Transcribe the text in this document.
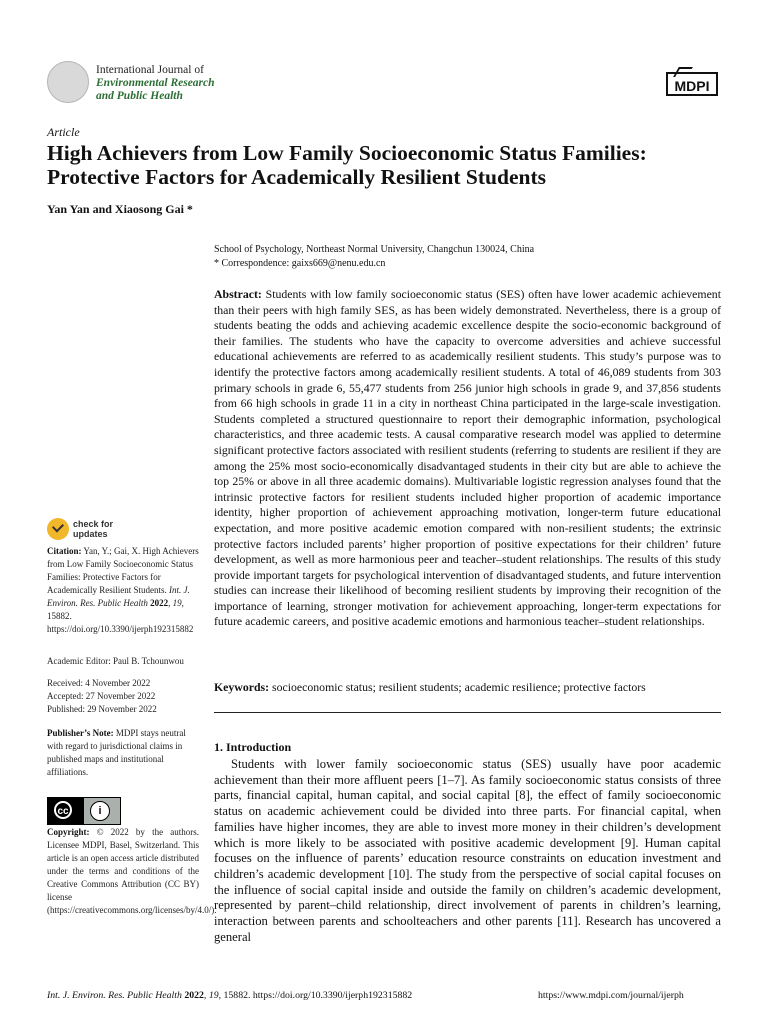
International Journal of
Environmental Research
and Public Health
MDPI
Article
High Achievers from Low Family Socioeconomic Status Families:
Protective Factors for Academically Resilient Students
Yan Yan and Xiaosong Gai *
School of Psychology, Northeast Normal University, Changchun 130024, China
* Correspondence: gaixs669@nenu.edu.cn
Abstract: Students with low family socioeconomic status (SES) often have lower academic achievement than their peers with high family SES, as has been widely demonstrated. Nevertheless, there is a group of students beating the odds and achieving academic excellence despite the socio-economic background of their families. The students who have the capacity to overcome adversities and achieve successful educational achievements are referred to as academically resilient students. This study’s purpose was to identify the protective factors among academically resilient students. A total of 46,089 students from 303 primary schools in grade 6, 55,477 students from 256 junior high schools in grade 9, and 37,856 students from 66 high schools in grade 11 in a city in northeast China participated in the large-scale investigation. Students completed a structured questionnaire to report their demographic information, psychological characteristics, and three academic tests. A causal comparative research model was applied to determine significant protective factors associated with resilient students (referring to students are resilient if they are among the 25% most socio-economically disadvantaged students in their city but are able to achieve the top 25% or above in all three academic domains). Multivariable logistic regression analyses found that the intrinsic protective factors for resilient students included higher proportion of academic importance identity, higher proportion of achievement approaching motivation, longer-term future educational expectation, and more positive academic emotion compared with non-resilient students; the extrinsic protective factors included parents’ higher proportion of positive expectations for their children’ future development, as well as more harmonious peer and teacher–student relationships. The results of this study provide important targets for psychological intervention of disadvantaged students, and future intervention studies can increase their likelihood of becoming resilient students by improving their recognition of the importance of learning, stronger motivation for achievement approaching, longer-term expectations for future academic careers, and positive academic emotions and harmonious teacher–student relationships.
Keywords: socioeconomic status; resilient students; academic resilience; protective factors
1. Introduction

Students with lower family socioeconomic status (SES) usually have poor academic achievement than their more affluent peers [1–7]. As family socioeconomic status consists of three parts, financial capital, human capital, and social capital [8], the effect of family socioeconomic status on academic achievement could be divided into three parts. For financial capital, when families have higher incomes, they are able to invest more money in their children’s development which is more likely to be associated with positive academic development [9]. Human capital focuses on the influence of parents’ education resource constraints on education investment and children’s academic development [10]. The study from the perspective of social capital focuses on the influence of social capital inside and outside the family on children’s academic development, represented by parent–child relationship, direct involvement of parents in children’s learning, interaction between parents and schoolteachers and other parents [11]. Research has uncovered a general

check for
updates
Citation: Yan, Y.; Gai, X. High Achievers from Low Family Socioeconomic Status Families: Protective Factors for Academically Resilient Students. Int. J. Environ. Res. Public Health 2022, 19, 15882. https://doi.org/10.3390/ijerph192315882
Academic Editor: Paul B. Tchounwou
Received: 4 November 2022
Accepted: 27 November 2022
Published: 29 November 2022
Publisher’s Note: MDPI stays neutral with regard to jurisdictional claims in published maps and institutional affiliations.
cc	i
Copyright: © 2022 by the authors. Licensee MDPI, Basel, Switzerland. This article is an open access article distributed under the terms and conditions of the Creative Commons Attribution (CC BY) license (https://creativecommons.org/licenses/by/4.0/).
Int. J. Environ. Res. Public Health 2022, 19, 15882. https://doi.org/10.3390/ijerph192315882	https://www.mdpi.com/journal/ijerph
